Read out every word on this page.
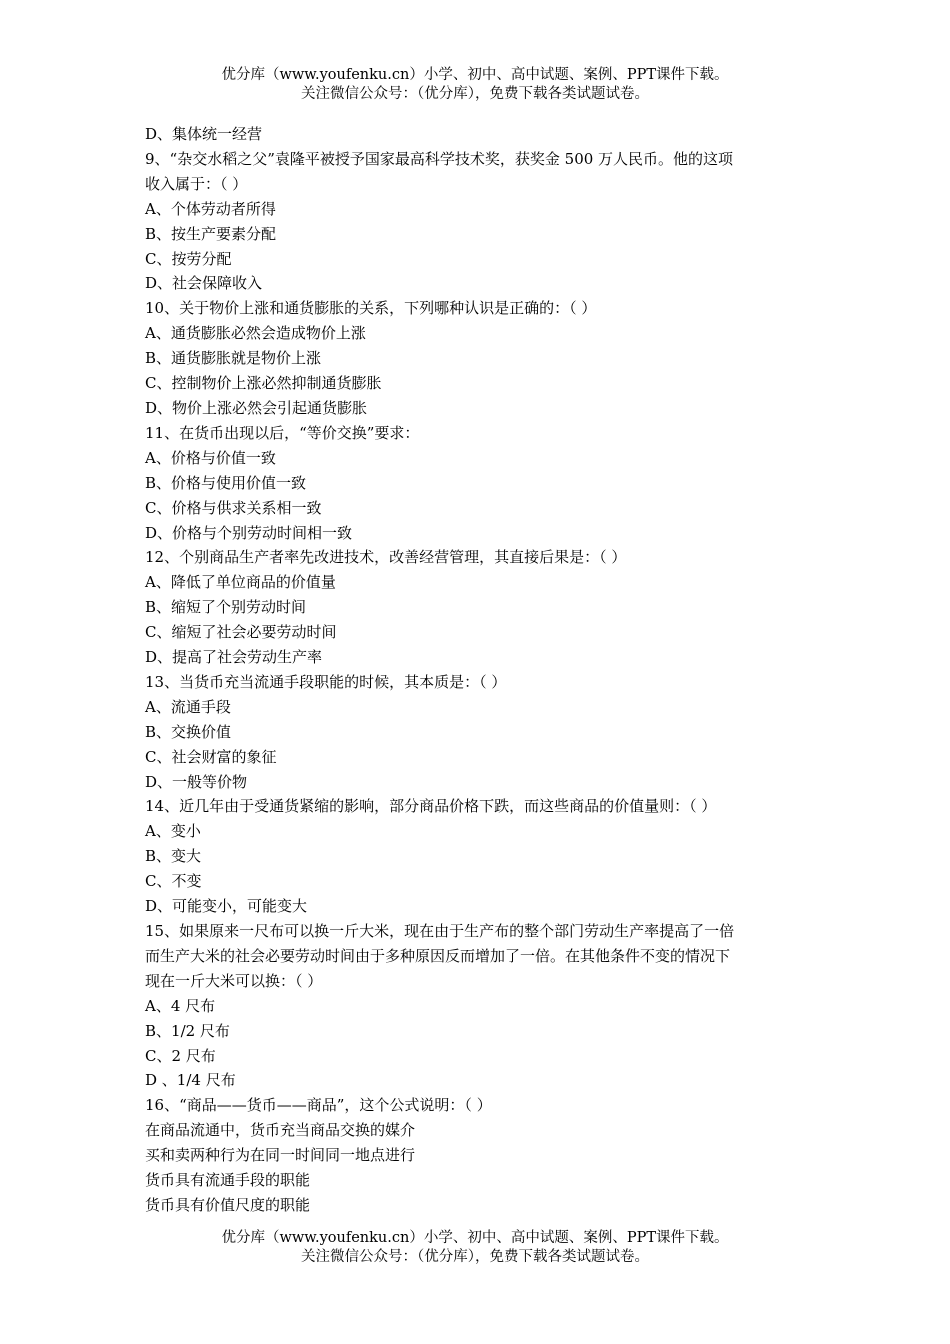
优分库（www.youfenku.cn）小学、初中、高中试题、案例、PPT课件下载。
关注微信公众号：（优分库），免费下载各类试题试卷。
D、集体统一经营
9、“杂交水稻之父”袁隆平被授予国家最高科学技术奖，获奖金 500 万人民币。他的这项
收入属于：（ ）
A、个体劳动者所得
B、按生产要素分配
C、按劳分配
D、社会保障收入
10、关于物价上涨和通货膨胀的关系，下列哪种认识是正确的：（ ）
A、通货膨胀必然会造成物价上涨
B、通货膨胀就是物价上涨
C、控制物价上涨必然抑制通货膨胀
D、物价上涨必然会引起通货膨胀
11、在货币出现以后，“等价交换”要求：
A、价格与价值一致
B、价格与使用价值一致
C、价格与供求关系相一致
D、价格与个别劳动时间相一致
12、个别商品生产者率先改进技术，改善经营管理，其直接后果是：（ ）
A、降低了单位商品的价值量
B、缩短了个别劳动时间
C、缩短了社会必要劳动时间
D、提高了社会劳动生产率
13、当货币充当流通手段职能的时候，其本质是：（ ）
A、流通手段
B、交换价值
C、社会财富的象征
D、一般等价物
14、近几年由于受通货紧缩的影响，部分商品价格下跌，而这些商品的价值量则：（ ）
A、变小
B、变大
C、不变
D、可能变小，可能变大
15、如果原来一尺布可以换一斤大米，现在由于生产布的整个部门劳动生产率提高了一倍
而生产大米的社会必要劳动时间由于多种原因反而增加了一倍。在其他条件不变的情况下
现在一斤大米可以换：（ ）
A、4 尺布
B、1/2 尺布
C、2 尺布
D 、1/4 尺布
16、“商品——货币——商品”，这个公式说明：（ ）
在商品流通中，货币充当商品交换的媒介
买和卖两种行为在同一时间同一地点进行
货币具有流通手段的职能
货币具有价值尺度的职能
优分库（www.youfenku.cn）小学、初中、高中试题、案例、PPT课件下载。
关注微信公众号：（优分库），免费下载各类试题试卷。
